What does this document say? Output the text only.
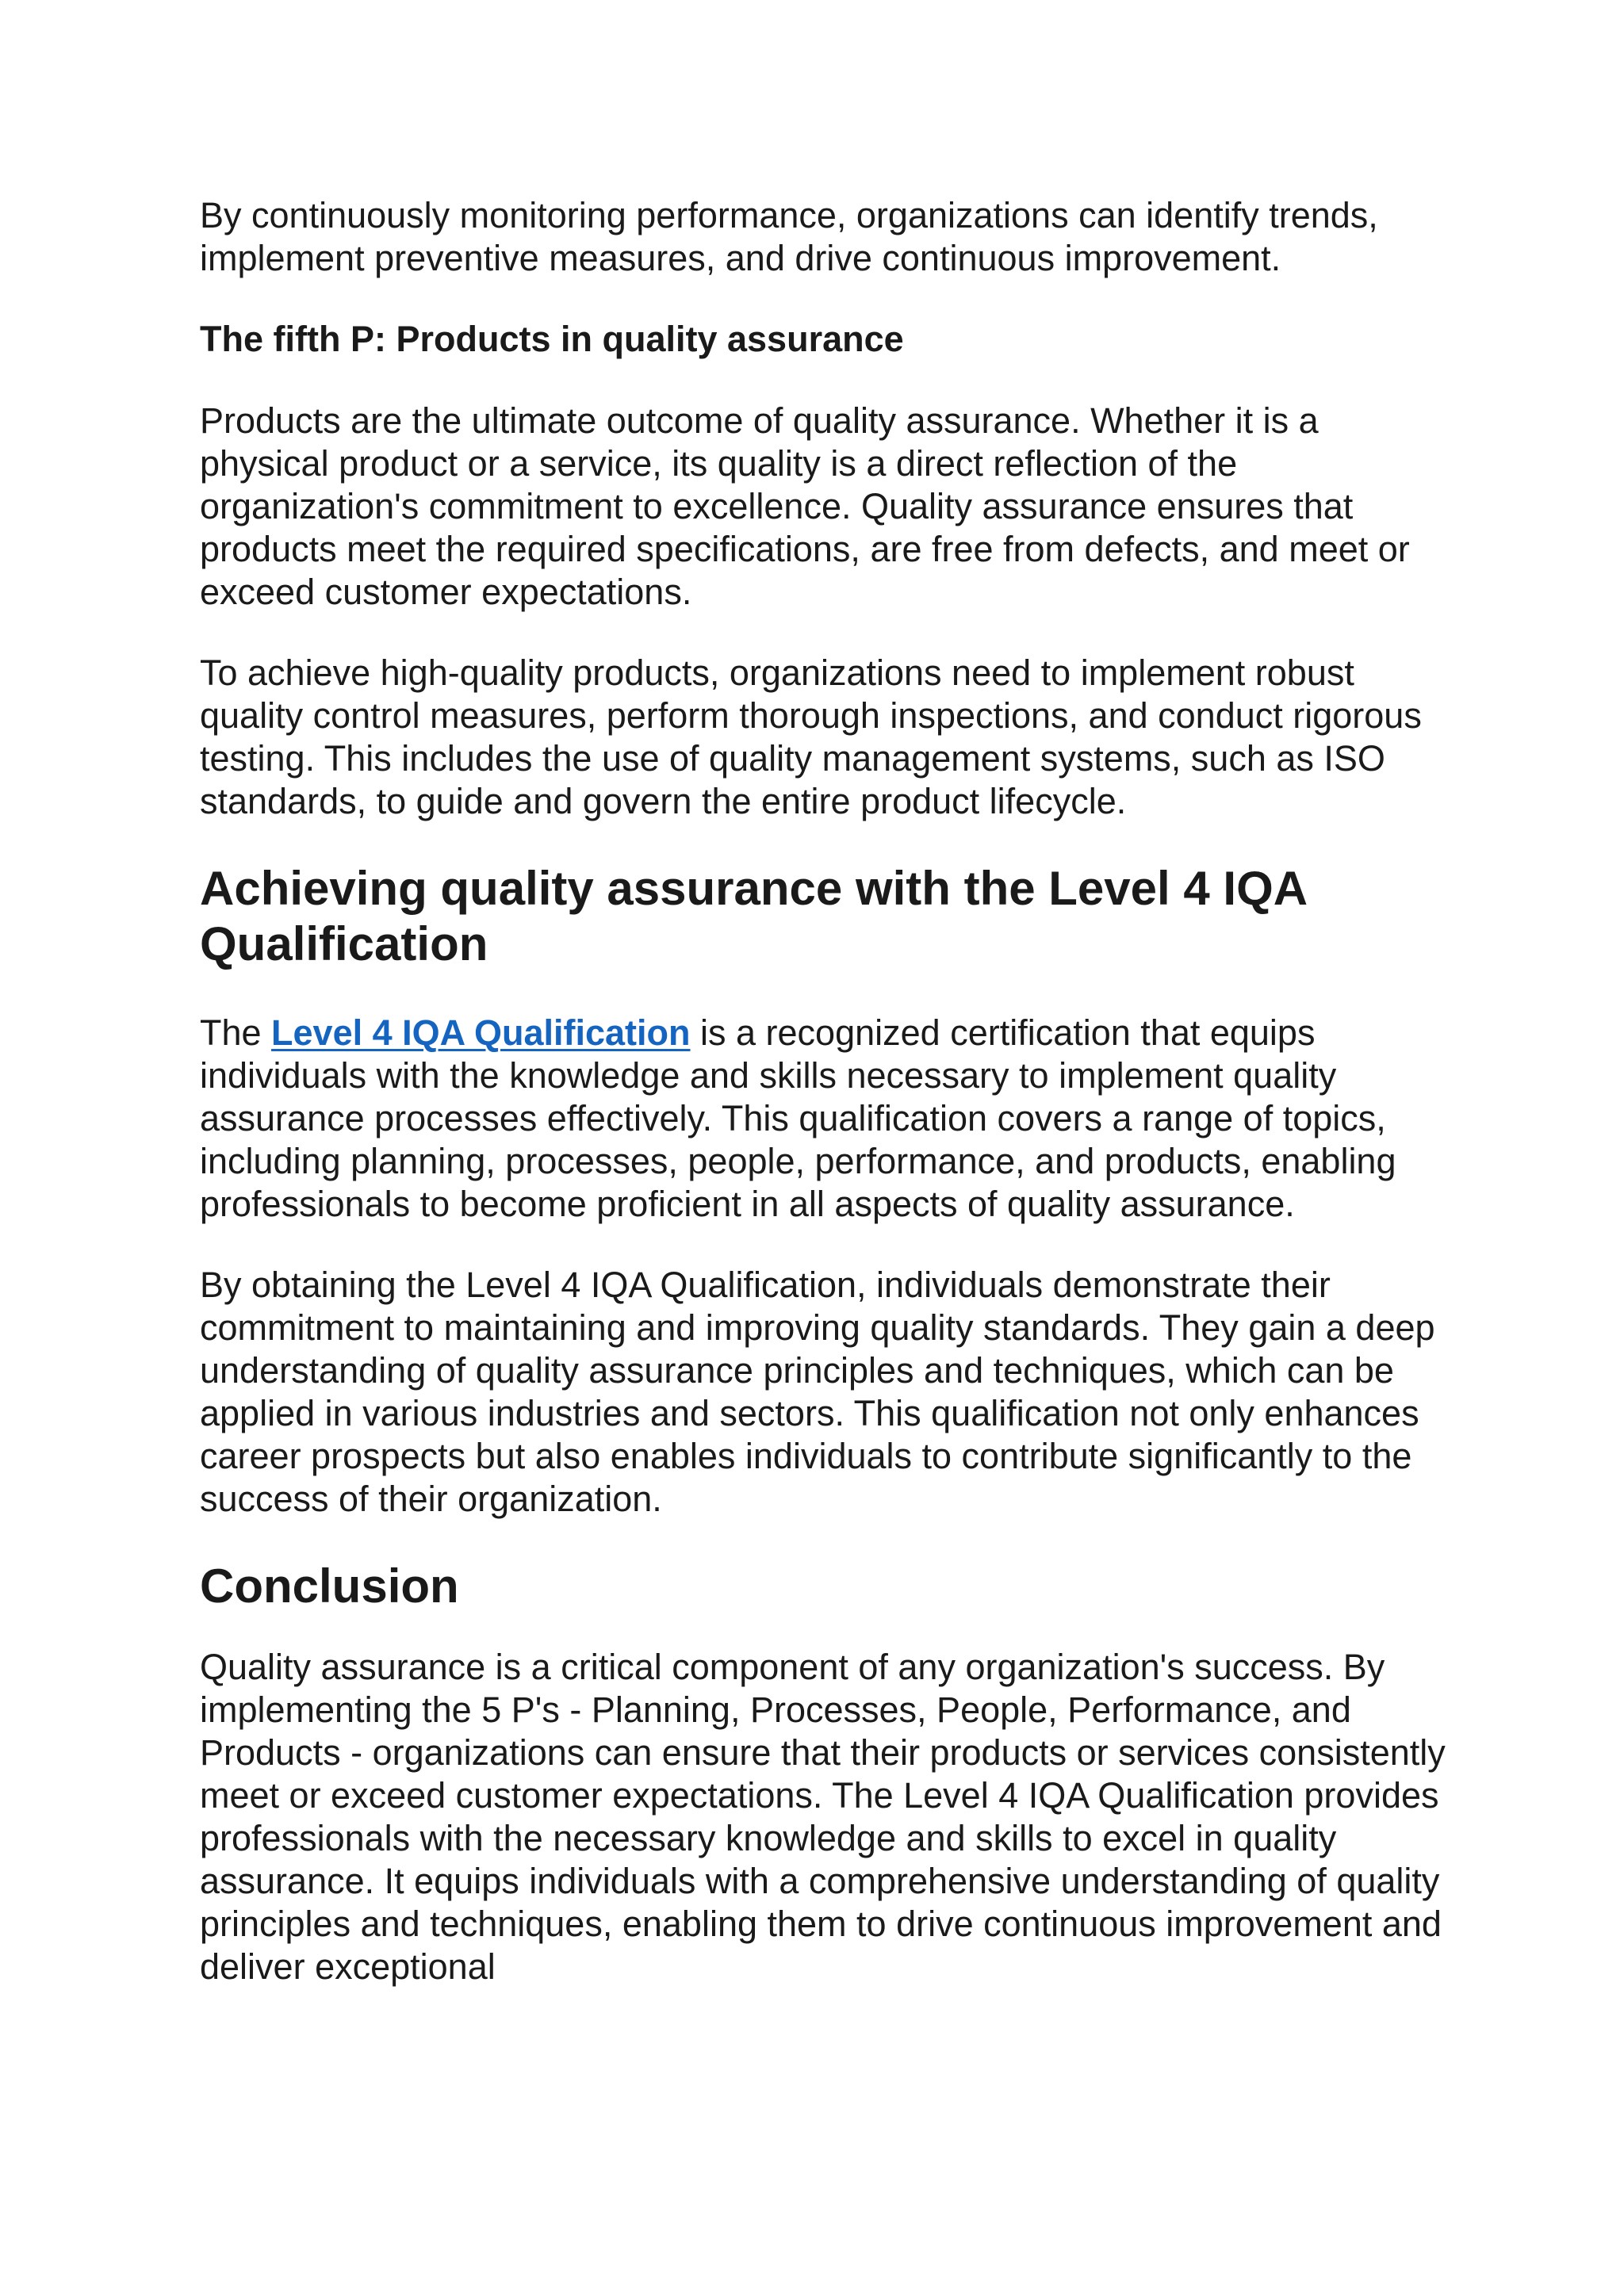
By continuously monitoring performance, organizations can identify trends, implement preventive measures, and drive continuous improvement.

The fifth P: Products in quality assurance

Products are the ultimate outcome of quality assurance. Whether it is a physical product or a service, its quality is a direct reflection of the organization's commitment to excellence. Quality assurance ensures that products meet the required specifications, are free from defects, and meet or exceed customer expectations.

To achieve high-quality products, organizations need to implement robust quality control measures, perform thorough inspections, and conduct rigorous testing. This includes the use of quality management systems, such as ISO standards, to guide and govern the entire product lifecycle.

Achieving quality assurance with the Level 4 IQA Qualification

The Level 4 IQA Qualification is a recognized certification that equips individuals with the knowledge and skills necessary to implement quality assurance processes effectively. This qualification covers a range of topics, including planning, processes, people, performance, and products, enabling professionals to become proficient in all aspects of quality assurance.

By obtaining the Level 4 IQA Qualification, individuals demonstrate their commitment to maintaining and improving quality standards. They gain a deep understanding of quality assurance principles and techniques, which can be applied in various industries and sectors. This qualification not only enhances career prospects but also enables individuals to contribute significantly to the success of their organization.

Conclusion

Quality assurance is a critical component of any organization's success. By implementing the 5 P's - Planning, Processes, People, Performance, and Products - organizations can ensure that their products or services consistently meet or exceed customer expectations. The Level 4 IQA Qualification provides professionals with the necessary knowledge and skills to excel in quality assurance. It equips individuals with a comprehensive understanding of quality principles and techniques, enabling them to drive continuous improvement and deliver exceptional
